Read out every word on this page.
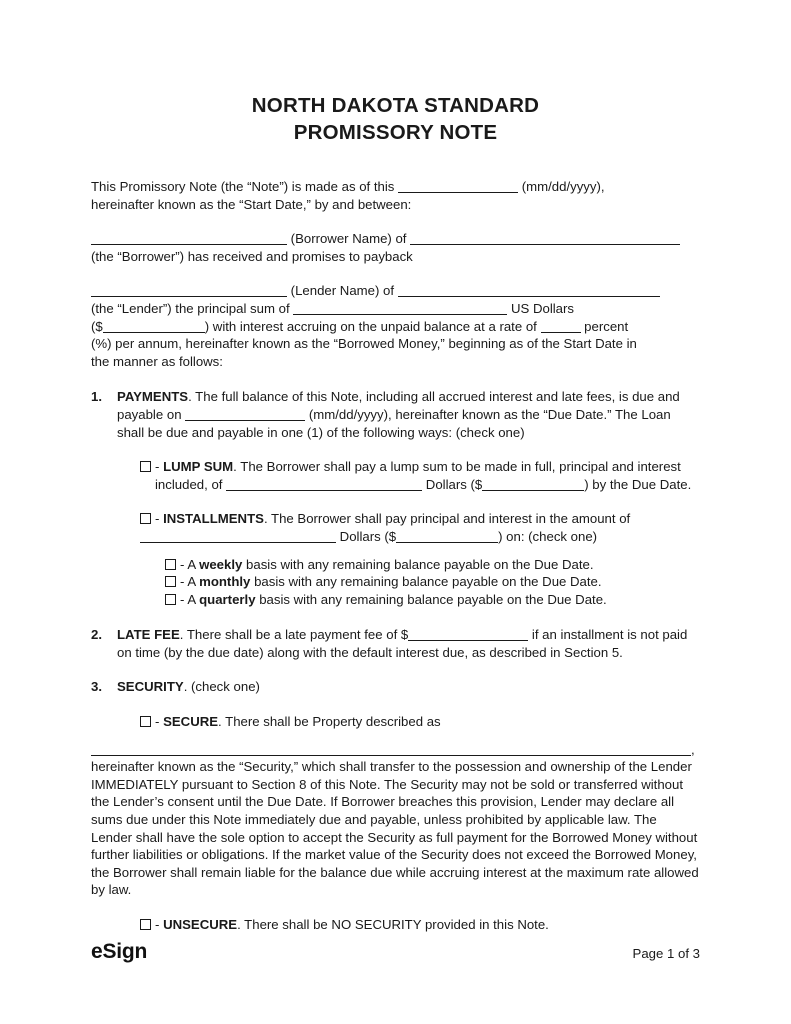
NORTH DAKOTA STANDARD
PROMISSORY NOTE

This Promissory Note (the “Note”) is made as of this	(mm/dd/yyyy),
hereinafter known as the “Start Date,” by and between:

(Borrower Name) of
(the “Borrower”) has received and promises to payback

(Lender Name) of
(the “Lender”) the principal sum of	US Dollars
($	) with interest accruing on the unpaid balance at a rate of	percent
(%) per annum, hereinafter known as the “Borrowed Money,” beginning as of the Start Date in
the manner as follows:

1.	PAYMENTS. The full balance of this Note, including all accrued interest and late fees, is due and payable on	(mm/dd/yyyy), hereinafter known as the “Due Date.” The Loan shall be due and payable in one (1) of the following ways: (check one)
- LUMP SUM. The Borrower shall pay a lump sum to be made in full, principal and interest included, of	Dollars ($	) by the Due Date.
- INSTALLMENTS. The Borrower shall pay principal and interest in the amount of
Dollars ($	) on: (check one)
- A weekly basis with any remaining balance payable on the Due Date.
- A monthly basis with any remaining balance payable on the Due Date.
- A quarterly basis with any remaining balance payable on the Due Date.
2.	LATE FEE. There shall be a late payment fee of $	if an installment is not paid on time (by the due date) along with the default interest due, as described in Section 5.
3.	SECURITY. (check one)
- SECURE. There shall be Property described as
,

hereinafter known as the “Security,” which shall transfer to the possession and ownership of the Lender IMMEDIATELY pursuant to Section 8 of this Note. The Security may not be sold or transferred without the Lender’s consent until the Due Date. If Borrower breaches this provision, Lender may declare all sums due under this Note immediately due and payable, unless prohibited by applicable law. The Lender shall have the sole option to accept the Security as full payment for the Borrowed Money without further liabilities or obligations. If the market value of the Security does not exceed the Borrowed Money, the Borrower shall remain liable for the balance due while accruing interest at the maximum rate allowed by law.

- UNSECURE. There shall be NO SECURITY provided in this Note.
eSign	Page 1 of 3
